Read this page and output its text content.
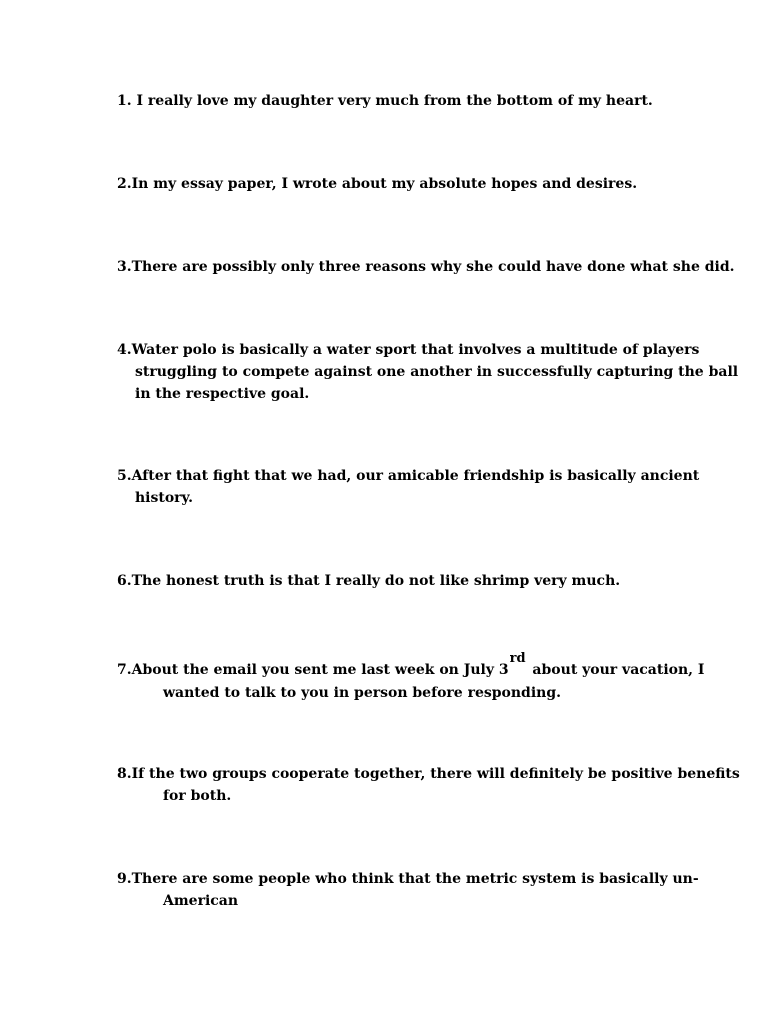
1. I really love my daughter very much from the bottom of my heart.
2.In my essay paper, I wrote about my absolute hopes and desires.
3.There are possibly only three reasons why she could have done what she did.
4.Water polo is basically a water sport that involves a multitude of players
struggling to compete against one another in successfully capturing the ball
in the respective goal.
5.After that fight that we had, our amicable friendship is basically ancient
history.
6.The honest truth is that I really do not like shrimp very much.
7.About the email you sent me last week on July 3rd about your vacation, I
wanted to talk to you in person before responding.
8.If the two groups cooperate together, there will definitely be positive benefits
for both.
9.There are some people who think that the metric system is basically un-
American
